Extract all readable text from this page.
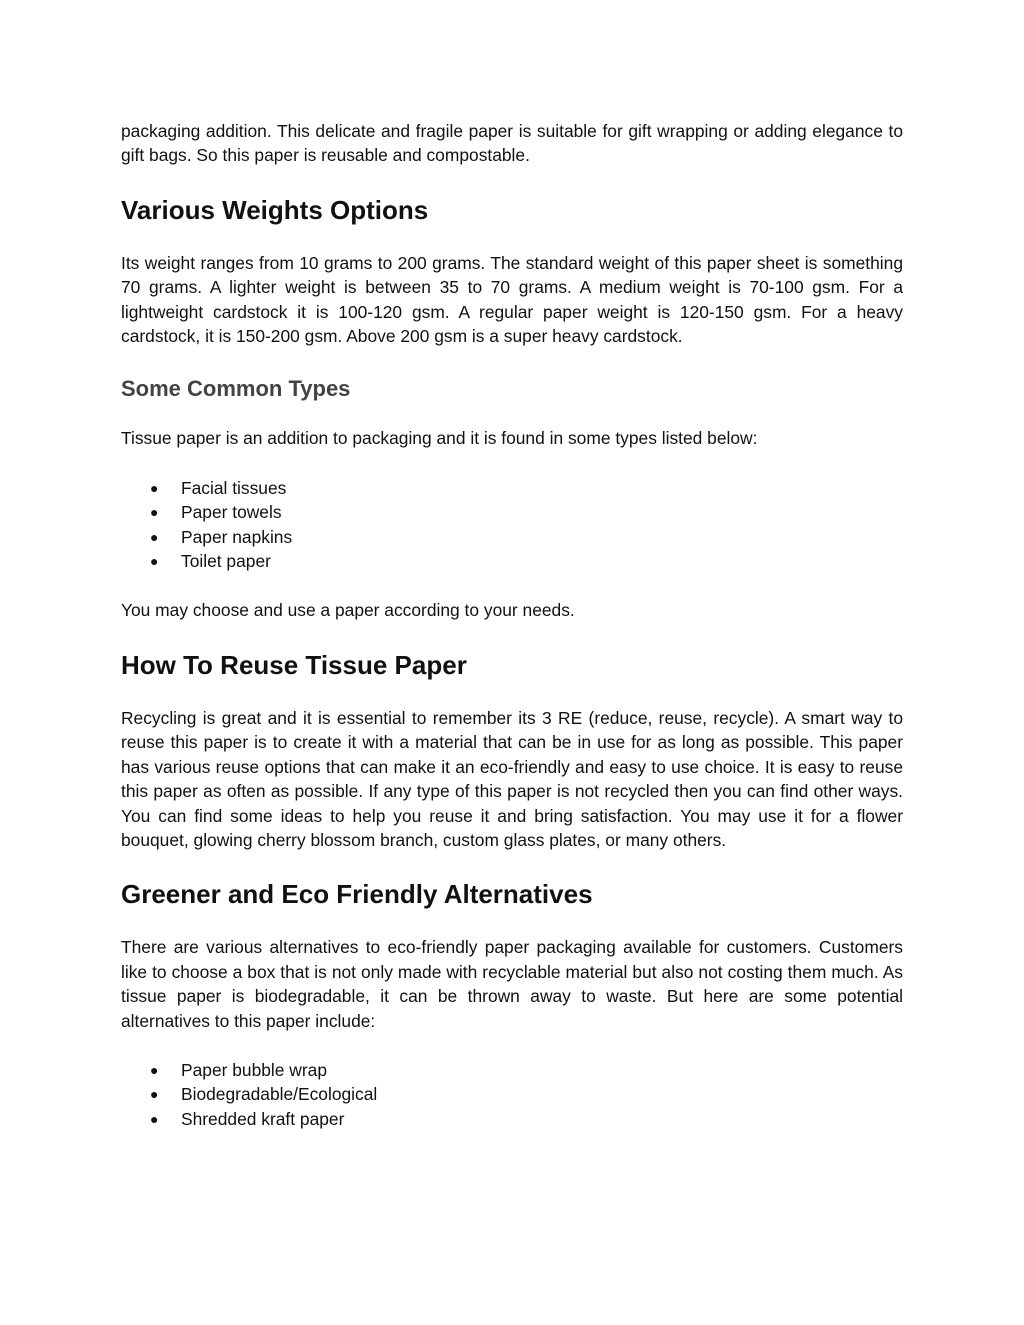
packaging addition. This delicate and fragile paper is suitable for gift wrapping or adding elegance to gift bags. So this paper is reusable and compostable.

Various Weights Options

Its weight ranges from 10 grams to 200 grams. The standard weight of this paper sheet is something 70 grams. A lighter weight is between 35 to 70 grams. A medium weight is 70-100 gsm. For a lightweight cardstock it is 100-120 gsm. A regular paper weight is 120-150 gsm. For a heavy cardstock, it is 150-200 gsm. Above 200 gsm is a super heavy cardstock.

Some Common Types

Tissue paper is an addition to packaging and it is found in some types listed below:

● Facial tissues
● Paper towels
● Paper napkins
● Toilet paper

You may choose and use a paper according to your needs.

How To Reuse Tissue Paper

Recycling is great and it is essential to remember its 3 RE (reduce, reuse, recycle). A smart way to reuse this paper is to create it with a material that can be in use for as long as possible. This paper has various reuse options that can make it an eco-friendly and easy to use choice. It is easy to reuse this paper as often as possible. If any type of this paper is not recycled then you can find other ways. You can find some ideas to help you reuse it and bring satisfaction. You may use it for a flower bouquet, glowing cherry blossom branch, custom glass plates, or many others.

Greener and Eco Friendly Alternatives

There are various alternatives to eco-friendly paper packaging available for customers. Customers like to choose a box that is not only made with recyclable material but also not costing them much. As tissue paper is biodegradable, it can be thrown away to waste. But here are some potential alternatives to this paper include:

● Paper bubble wrap
● Biodegradable/Ecological
● Shredded kraft paper
